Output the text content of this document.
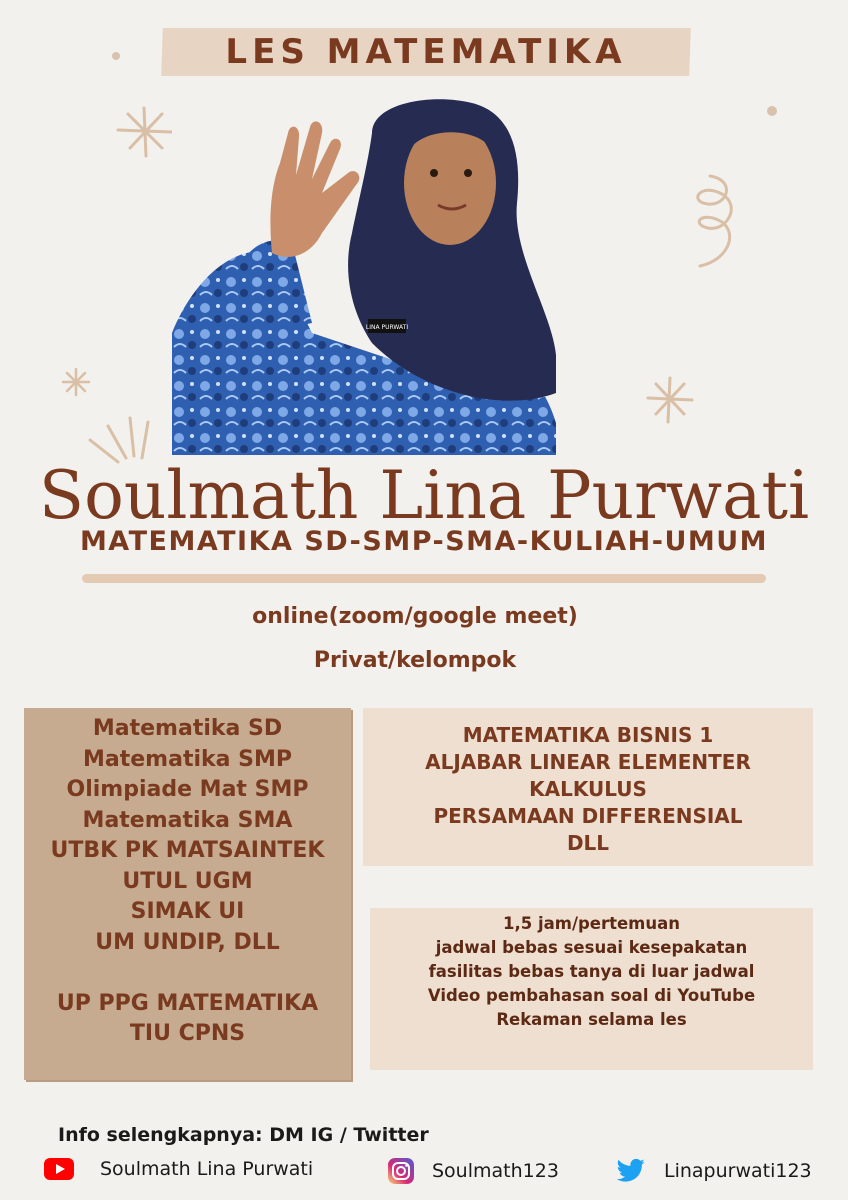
LES MATEMATIKA
LINA PURWATI
Soulmath Lina Purwati
MATEMATIKA SD-SMP-SMA-KULIAH-UMUM
online(zoom/google meet)
Privat/kelompok
Matematika SD
Matematika SMP
Olimpiade Mat SMP
Matematika SMA
UTBK PK MATSAINTEK
UTUL UGM
SIMAK UI
UM UNDIP, DLL
UP PPG MATEMATIKA
TIU CPNS
MATEMATIKA BISNIS 1
ALJABAR LINEAR ELEMENTER
KALKULUS
PERSAMAAN DIFFERENSIAL
DLL
1,5 jam/pertemuan
jadwal bebas sesuai kesepakatan
fasilitas bebas tanya di luar jadwal
Video pembahasan soal di YouTube
Rekaman selama les
Info selengkapnya: DM IG / Twitter
Soulmath Lina Purwati	Soulmath123	Linapurwati123
